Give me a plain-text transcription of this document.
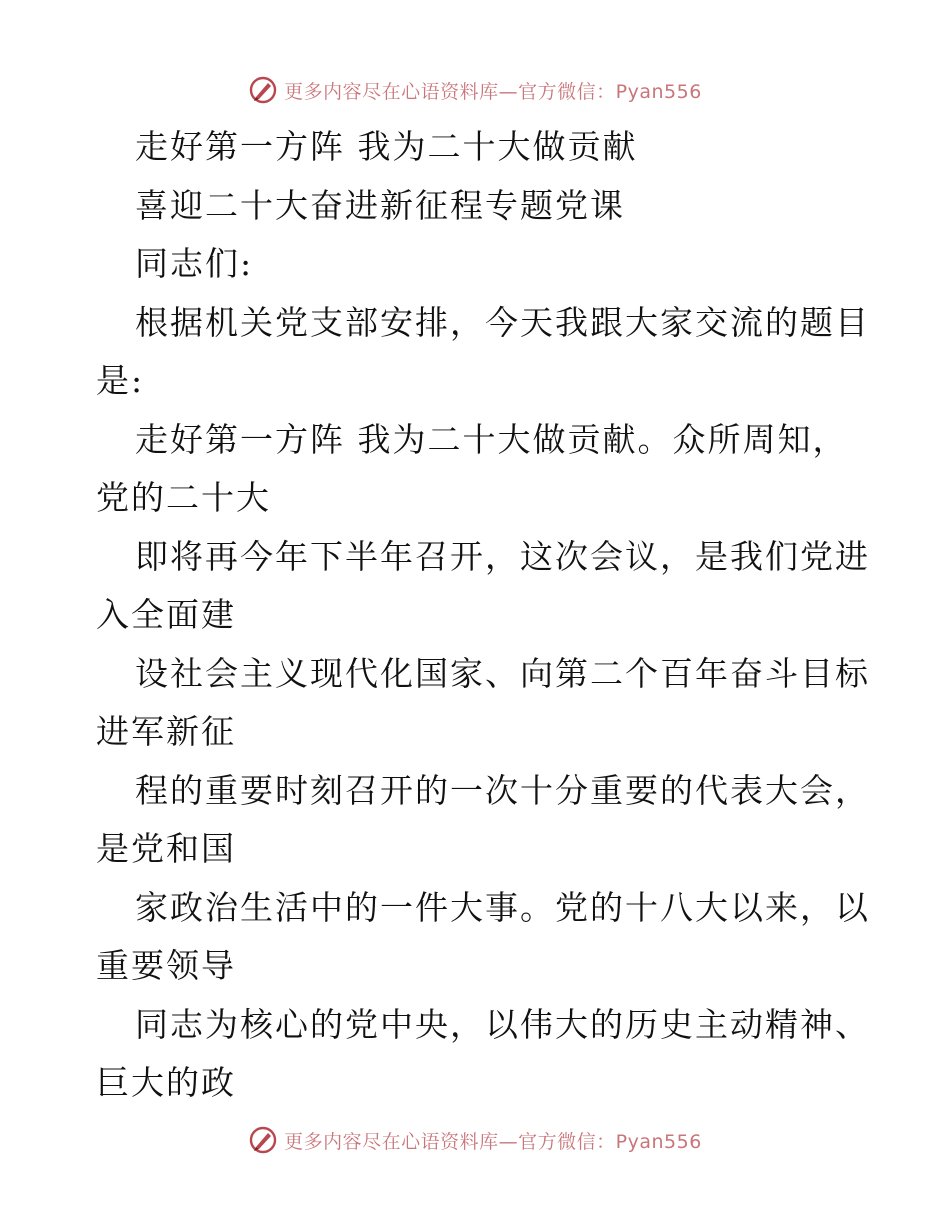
更多内容尽在心语资料库—官方微信：Pyan556
走好第一方阵 我为二十大做贡献
喜迎二十大奋进新征程专题党课
同志们:
根据机关党支部安排，今天我跟大家交流的题目
是:
走好第一方阵 我为二十大做贡献。众所周知，
党的二十大
即将再今年下半年召开，这次会议，是我们党进
入全面建
设社会主义现代化国家、向第二个百年奋斗目标
进军新征
程的重要时刻召开的一次十分重要的代表大会，
是党和国
家政治生活中的一件大事。党的十八大以来，以
重要领导
同志为核心的党中央，以伟大的历史主动精神、
巨大的政
更多内容尽在心语资料库—官方微信：Pyan556
